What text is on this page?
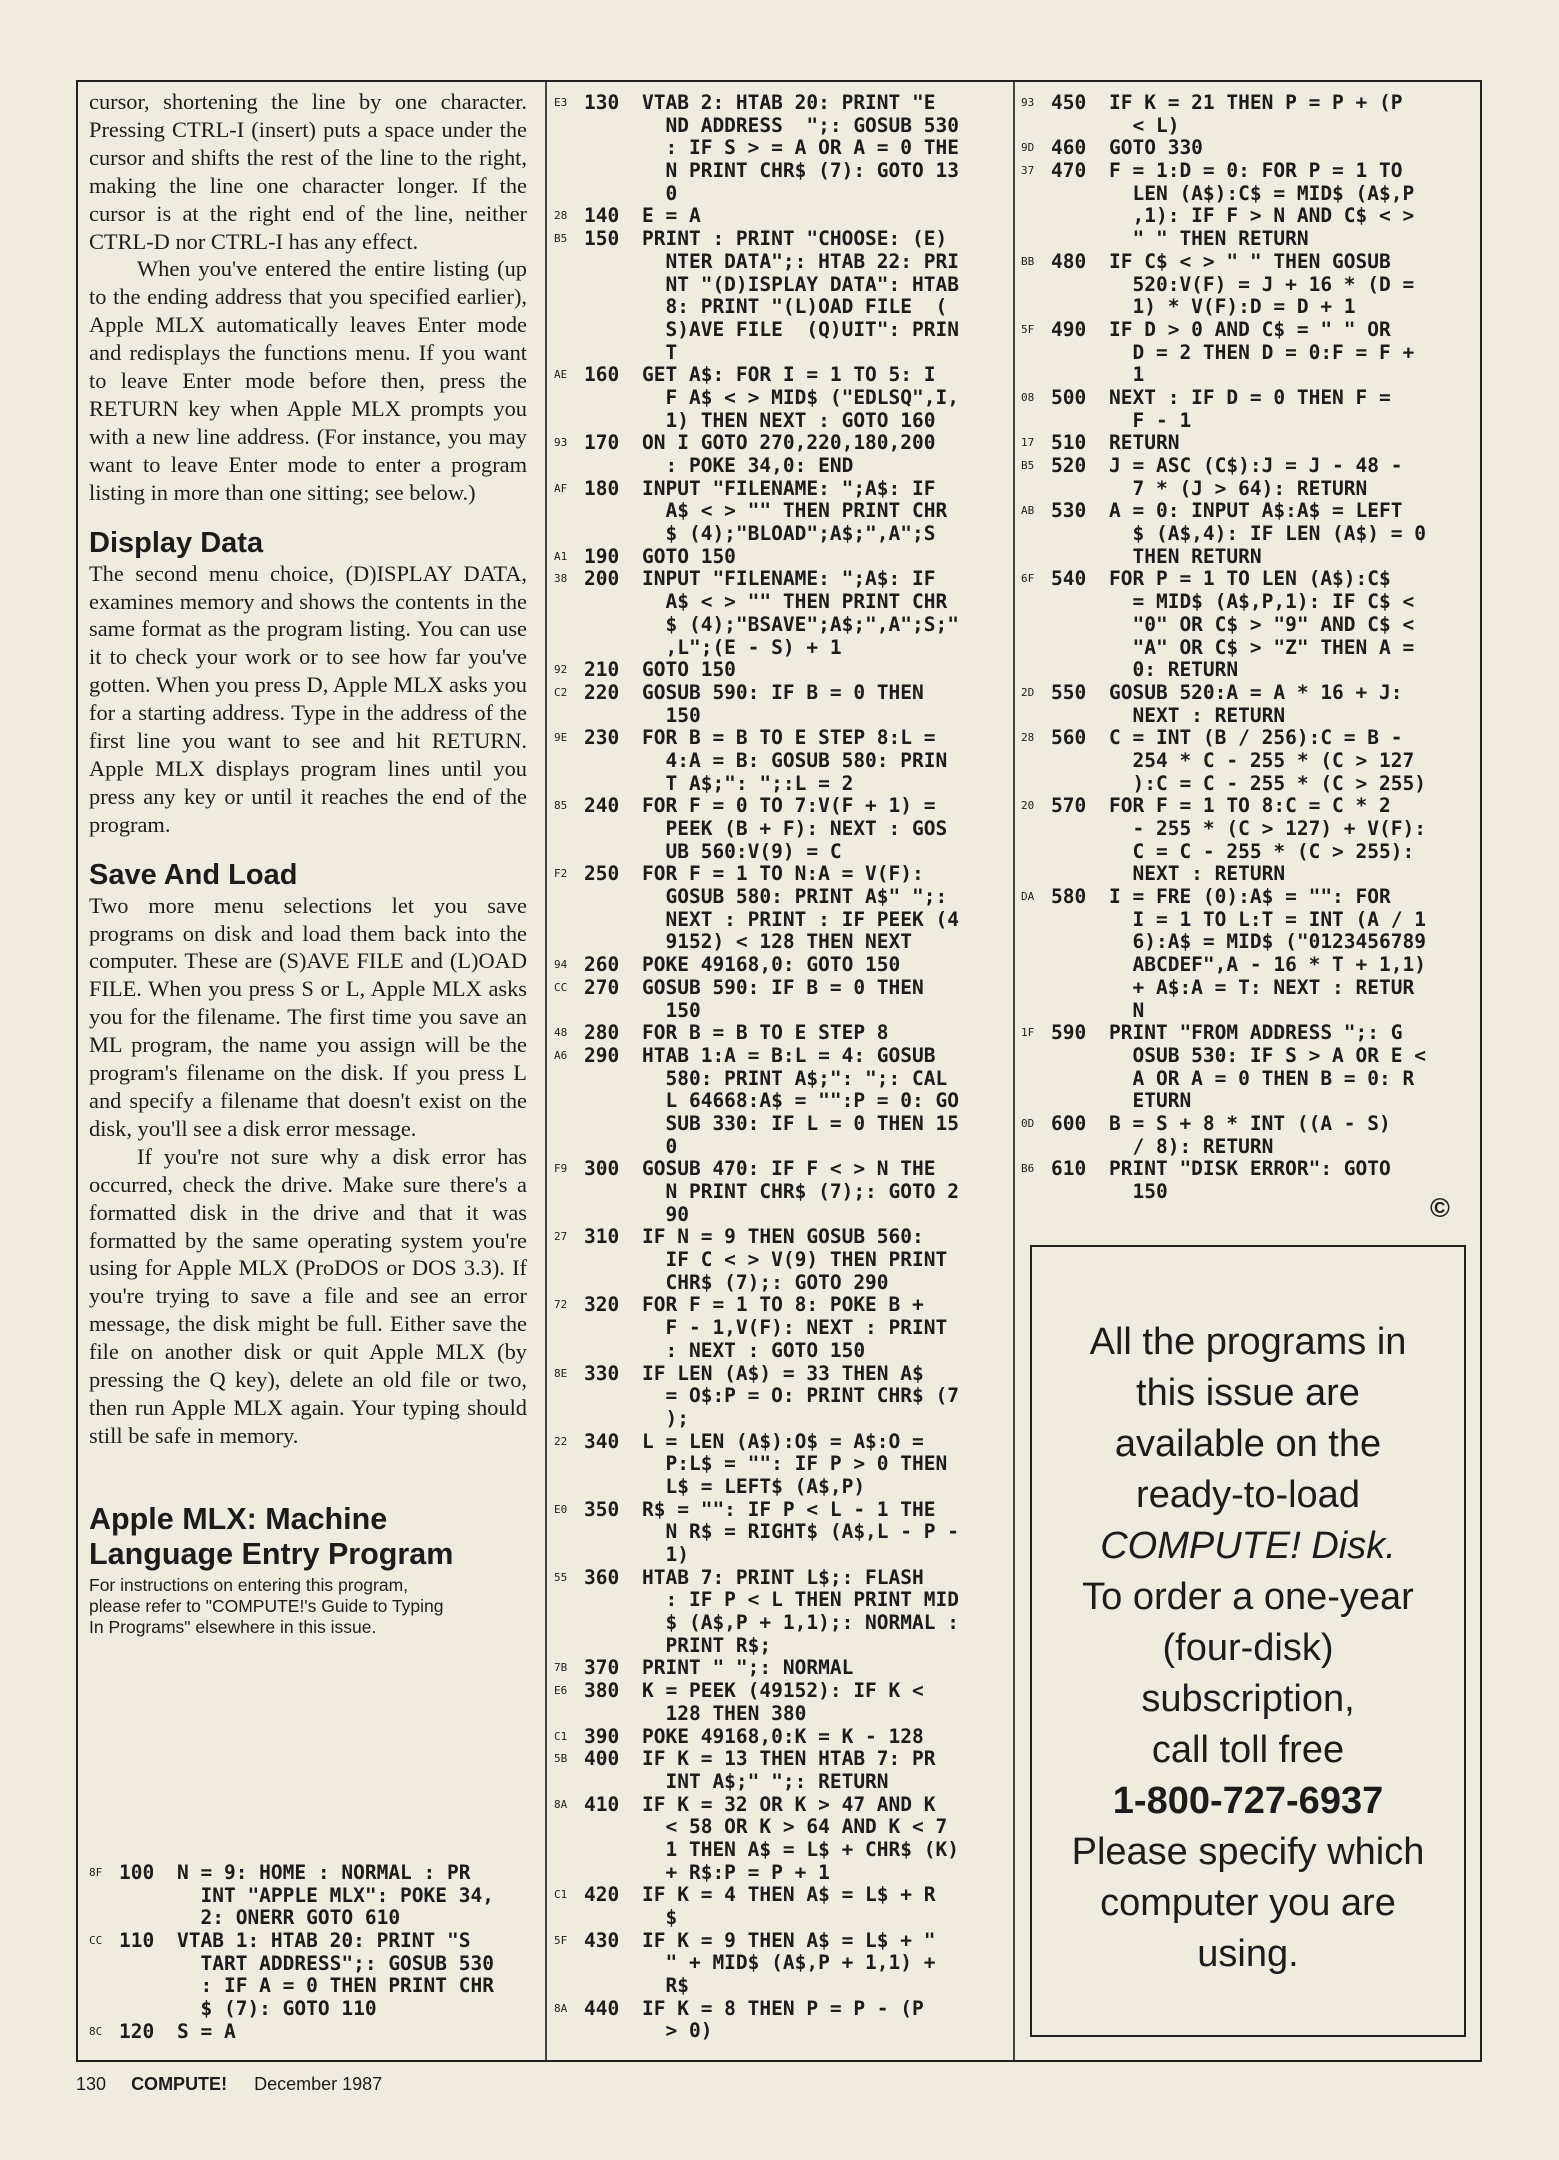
cursor, shortening the line by one character. Pressing CTRL-I (insert) puts a space under the cursor and shifts the rest of the line to the right, making the line one character longer. If the cursor is at the right end of the line, neither CTRL-D nor CTRL-I has any effect.

When you've entered the entire listing (up to the ending address that you specified earlier), Apple MLX automatically leaves Enter mode and redisplays the functions menu. If you want to leave Enter mode before then, press the RETURN key when Apple MLX prompts you with a new line address. (For instance, you may want to leave Enter mode to enter a program listing in more than one sitting; see below.)

Display Data

The second menu choice, (D)ISPLAY DATA, examines memory and shows the contents in the same format as the program listing. You can use it to check your work or to see how far you've gotten. When you press D, Apple MLX asks you for a starting address. Type in the address of the first line you want to see and hit RETURN. Apple MLX displays program lines until you press any key or until it reaches the end of the program.

Save And Load

Two more menu selections let you save programs on disk and load them back into the computer. These are (S)AVE FILE and (L)OAD FILE. When you press S or L, Apple MLX asks you for the filename. The first time you save an ML program, the name you assign will be the program's filename on the disk. If you press L and specify a filename that doesn't exist on the disk, you'll see a disk error message.

If you're not sure why a disk error has occurred, check the drive. Make sure there's a formatted disk in the drive and that it was formatted by the same operating system you're using for Apple MLX (ProDOS or DOS 3.3). If you're trying to save a file and see an error message, the disk might be full. Either save the file on another disk or quit Apple MLX (by pressing the Q key), delete an old file or two, then run Apple MLX again. Your typing should still be safe in memory.

Apple MLX: Machine
Language Entry Program
For instructions on entering this program,
please refer to "COMPUTE!'s Guide to Typing
In Programs" elsewhere in this issue.
8F 100 N = 9: HOME : NORMAL : PR
INT "APPLE MLX": POKE 34,
2: ONERR GOTO 610
CC 110 VTAB 1: HTAB 20: PRINT "S
TART ADDRESS";: GOSUB 530
: IF A = 0 THEN PRINT CHR
$ (7): GOTO 110
8C 120 S = A
E3 130 VTAB 2: HTAB 20: PRINT "E
ND ADDRESS  ";: GOSUB 530
: IF S > = A OR A = 0 THE
N PRINT CHR$ (7): GOTO 13
0
28 140 E = A
B5 150 PRINT : PRINT "CHOOSE: (E)
NTER DATA";: HTAB 22: PRI
NT "(D)ISPLAY DATA": HTAB
8: PRINT "(L)OAD FILE  (
S)AVE FILE  (Q)UIT": PRIN
T
AE 160 GET A$: FOR I = 1 TO 5: I
F A$ < > MID$ ("EDLSQ",I,
1) THEN NEXT : GOTO 160
93 170 ON I GOTO 270,220,180,200
: POKE 34,0: END
AF 180 INPUT "FILENAME: ";A$: IF
A$ < > "" THEN PRINT CHR
$ (4);"BLOAD";A$;",A";S
A1 190 GOTO 150
38 200 INPUT "FILENAME: ";A$: IF
A$ < > "" THEN PRINT CHR
$ (4);"BSAVE";A$;",A";S;"
,L";(E - S) + 1
92 210 GOTO 150
C2 220 GOSUB 590: IF B = 0 THEN
150
9E 230 FOR B = B TO E STEP 8:L =
4:A = B: GOSUB 580: PRIN
T A$;": ";:L = 2
85 240 FOR F = 0 TO 7:V(F + 1) =
PEEK (B + F): NEXT : GOS
UB 560:V(9) = C
F2 250 FOR F = 1 TO N:A = V(F):
GOSUB 580: PRINT A$" ";:
NEXT : PRINT : IF PEEK (4
9152) < 128 THEN NEXT
94 260 POKE 49168,0: GOTO 150
CC 270 GOSUB 590: IF B = 0 THEN
150
48 280 FOR B = B TO E STEP 8
A6 290 HTAB 1:A = B:L = 4: GOSUB
580: PRINT A$;": ";: CAL
L 64668:A$ = "":P = 0: GO
SUB 330: IF L = 0 THEN 15
0
F9 300 GOSUB 470: IF F < > N THE
N PRINT CHR$ (7);: GOTO 2
90
27 310 IF N = 9 THEN GOSUB 560:
IF C < > V(9) THEN PRINT
CHR$ (7);: GOTO 290
72 320 FOR F = 1 TO 8: POKE B +
F - 1,V(F): NEXT : PRINT
: NEXT : GOTO 150
8E 330 IF LEN (A$) = 33 THEN A$
= O$:P = O: PRINT CHR$ (7
);
22 340 L = LEN (A$):O$ = A$:O =
P:L$ = "": IF P > 0 THEN
L$ = LEFT$ (A$,P)
E0 350 R$ = "": IF P < L - 1 THE
N R$ = RIGHT$ (A$,L - P -
1)
55 360 HTAB 7: PRINT L$;: FLASH
: IF P < L THEN PRINT MID
$ (A$,P + 1,1);: NORMAL :
PRINT R$;
7B 370 PRINT " ";: NORMAL
E6 380 K = PEEK (49152): IF K <
128 THEN 380
C1 390 POKE 49168,0:K = K - 128
5B 400 IF K = 13 THEN HTAB 7: PR
INT A$;" ";: RETURN
8A 410 IF K = 32 OR K > 47 AND K
< 58 OR K > 64 AND K < 7
1 THEN A$ = L$ + CHR$ (K)
+ R$:P = P + 1
C1 420 IF K = 4 THEN A$ = L$ + R
$
5F 430 IF K = 9 THEN A$ = L$ + "
" + MID$ (A$,P + 1,1) +
R$
8A 440 IF K = 8 THEN P = P - (P
> 0)
93 450 IF K = 21 THEN P = P + (P
< L)
9D 460 GOTO 330
37 470 F = 1:D = 0: FOR P = 1 TO
LEN (A$):C$ = MID$ (A$,P
,1): IF F > N AND C$ < >
" " THEN RETURN
BB 480 IF C$ < > " " THEN GOSUB
520:V(F) = J + 16 * (D =
1) * V(F):D = D + 1
5F 490 IF D > 0 AND C$ = " " OR
D = 2 THEN D = 0:F = F +
1
08 500 NEXT : IF D = 0 THEN F =
F - 1
17 510 RETURN
B5 520 J = ASC (C$):J = J - 48 -
7 * (J > 64): RETURN
AB 530 A = 0: INPUT A$:A$ = LEFT
$ (A$,4): IF LEN (A$) = 0
THEN RETURN
6F 540 FOR P = 1 TO LEN (A$):C$
= MID$ (A$,P,1): IF C$ <
"0" OR C$ > "9" AND C$ <
"A" OR C$ > "Z" THEN A =
0: RETURN
2D 550 GOSUB 520:A = A * 16 + J:
NEXT : RETURN
28 560 C = INT (B / 256):C = B -
254 * C - 255 * (C > 127
):C = C - 255 * (C > 255)
20 570 FOR F = 1 TO 8:C = C * 2
- 255 * (C > 127) + V(F):
C = C - 255 * (C > 255):
NEXT : RETURN
DA 580 I = FRE (0):A$ = "": FOR
I = 1 TO L:T = INT (A / 1
6):A$ = MID$ ("0123456789
ABCDEF",A - 16 * T + 1,1)
+ A$:A = T: NEXT : RETUR
N
1F 590 PRINT "FROM ADDRESS ";: G
OSUB 530: IF S > A OR E <
A OR A = 0 THEN B = 0: R
ETURN
0D 600 B = S + 8 * INT ((A - S)
/ 8): RETURN
B6 610 PRINT "DISK ERROR": GOTO
150
©

All the programs in

this issue are

available on the

ready-to-load

COMPUTE! Disk.

To order a one-year

(four-disk)

subscription,

call toll free

1-800-727-6937

Please specify which

computer you are

using.

130 COMPUTE! December 1987
